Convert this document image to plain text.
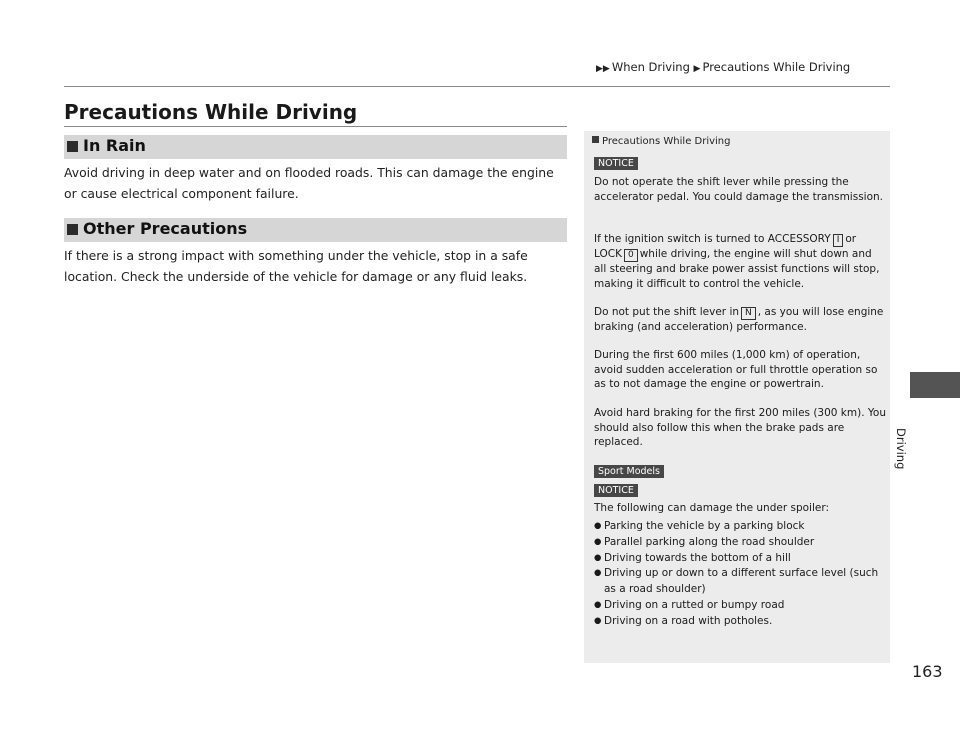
▶▶ When Driving ▶ Precautions While Driving
Precautions While Driving
In Rain

Avoid driving in deep water and on flooded roads. This can damage the engine or cause electrical component failure.

Other Precautions

If there is a strong impact with something under the vehicle, stop in a safe location. Check the underside of the vehicle for damage or any fluid leaks.

Precautions While Driving
NOTICE

Do not operate the shift lever while pressing the accelerator pedal. You could damage the transmission.

If the ignition switch is turned to ACCESSORY I or LOCK 0 while driving, the engine will shut down and all steering and brake power assist functions will stop, making it difficult to control the vehicle.

Do not put the shift lever in N , as you will lose engine braking (and acceleration) performance.

During the first 600 miles (1,000 km) of operation, avoid sudden acceleration or full throttle operation so as to not damage the engine or powertrain.

Avoid hard braking for the first 200 miles (300 km). You should also follow this when the brake pads are replaced.

Sport Models
NOTICE

The following can damage the under spoiler:

● Parking the vehicle by a parking block
● Parallel parking along the road shoulder
● Driving towards the bottom of a hill
● Driving up or down to a different surface level (such as a road shoulder)
● Driving on a rutted or bumpy road
● Driving on a road with potholes.
Driving
163
